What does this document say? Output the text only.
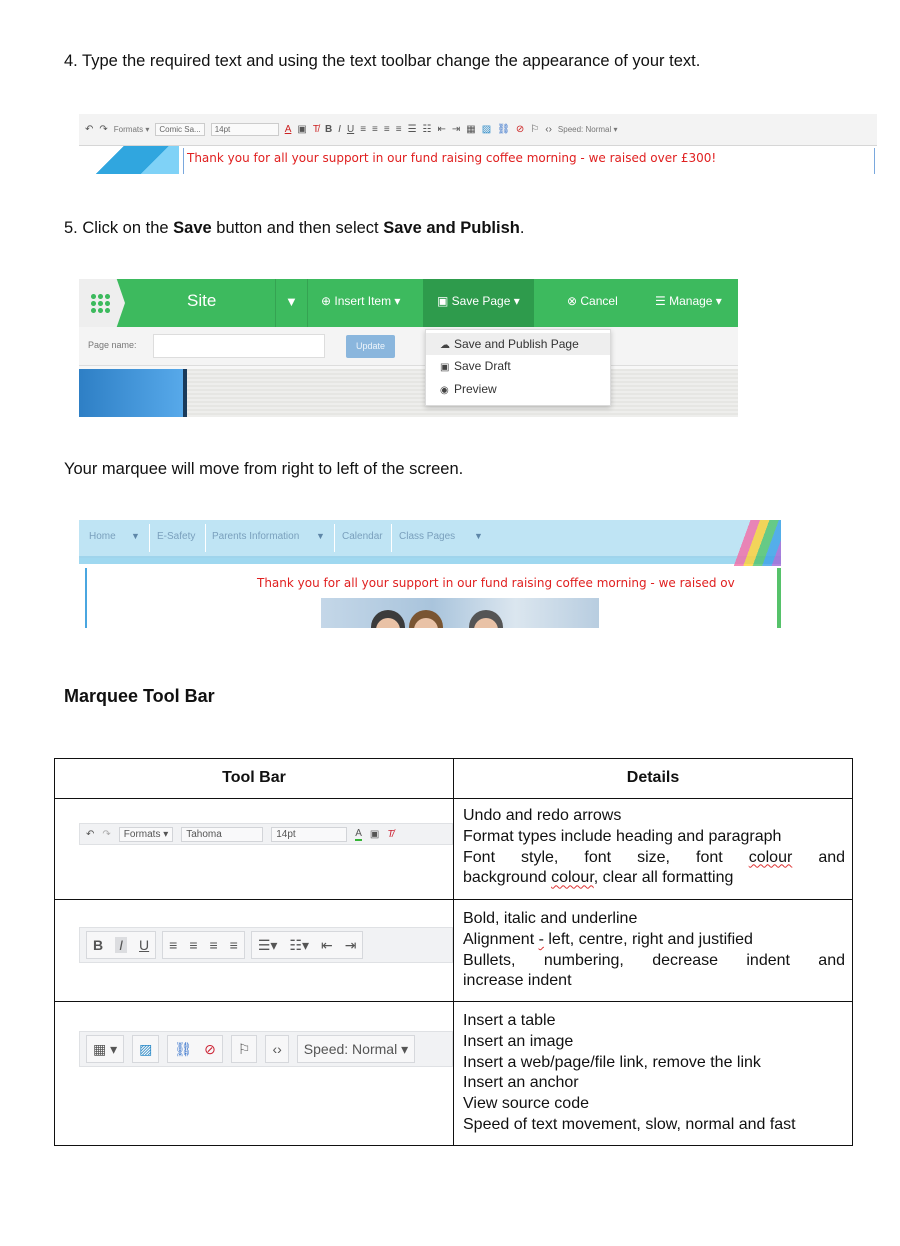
4. Type the required text and using the text toolbar change the appearance of your text.

↶ ↷ Formats ▾	Comic Sa...	14pt	A ▣ T̸ B I U ≡ ≡ ≡ ≡ ☰ ☷ ⇤ ⇥ ▦ ▨ ⛓ ⊘ ⚐ ‹› Speed: Normal ▾
Thank you for all your support in our fund raising coffee morning - we raised over £300!

5. Click on the Save button and then select Save and Publish.

Site	▼ ⊕ Insert Item ▾	▣ Save Page ▾	⊗ Cancel	☰ Manage ▾
Page name:	Update	☁ Save and Publish Page
▣ Save Draft
◉ Preview

Your marquee will move from right to left of the screen.

Home ▼ E-Safety Parents Information ▼ Calendar Class Pages ▼
Thank you for all your support in our fund raising coffee morning - we raised ov
Marquee Tool Bar
Tool Bar	Details
↶ ↷	Formats ▾	Tahoma	14pt	A ▣ T̸
Undo and redo arrows
Format types include heading and paragraph
Font style, font size, font colour and
background colour, clear all formatting
B I U ≡ ≡ ≡ ≡ ☰▾ ☷▾ ⇤ ⇥
Bold, italic and underline
Alignment - left, centre, right and justified
Bullets, numbering, decrease indent and
increase indent
▦ ▾ ▨ ⛓ ⊘ ⚐ ‹› Speed: Normal ▾
Insert a table
Insert an image
Insert a web/page/file link, remove the link
Insert an anchor
View source code
Speed of text movement, slow, normal and fast
